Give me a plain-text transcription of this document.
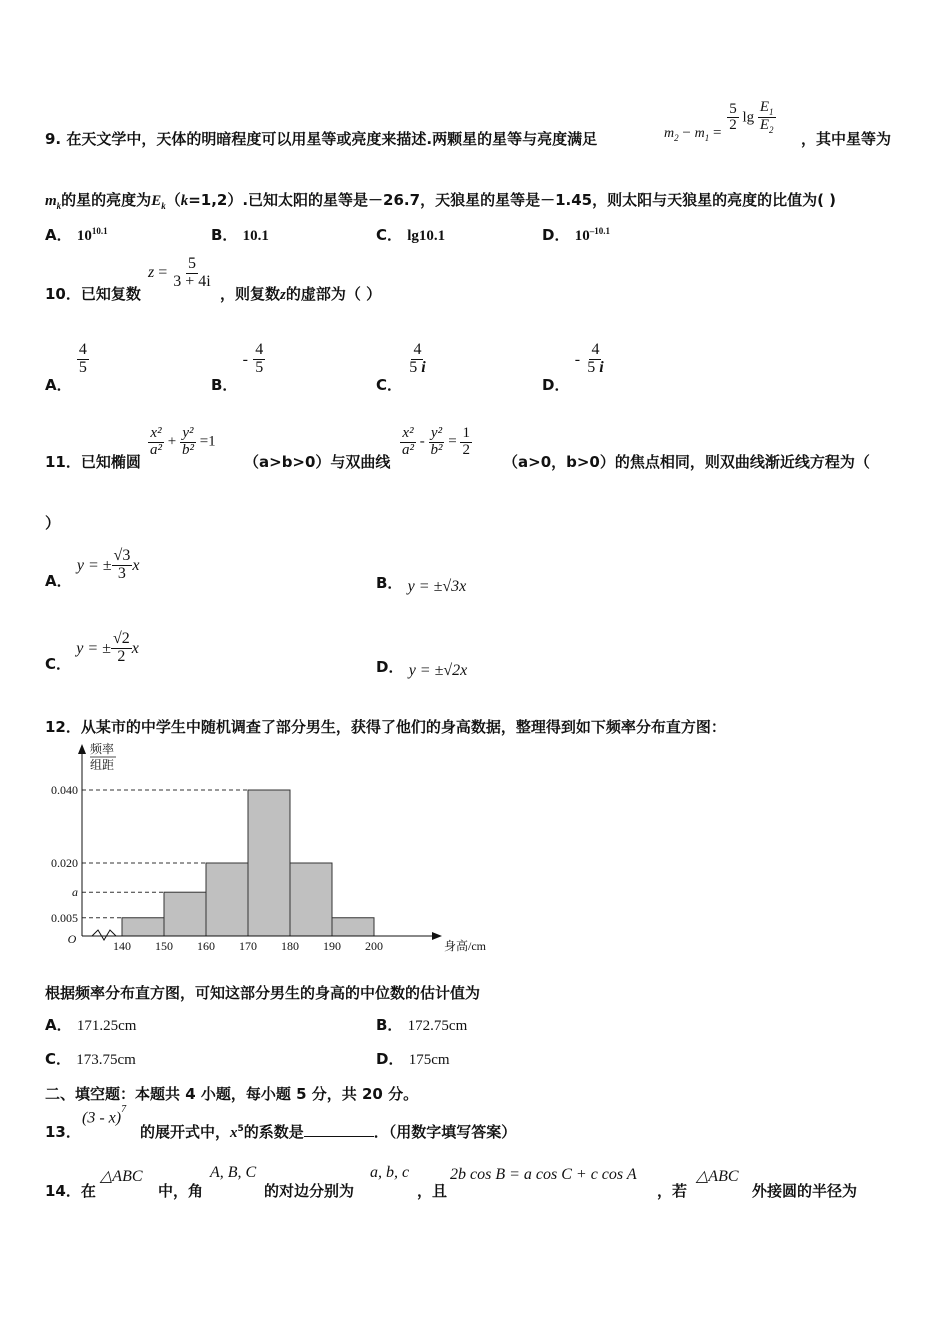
9. 在天文学中，天体的明暗程度可以用星等或亮度来描述.两颗星的星等与亮度满足	$m_2 - m_1 = \frac{5}{2}$ $\lg \frac{E_1}{E_2}$
，其中星等为
$m_k$的星的亮度为$E_k(k=1,2)$.已知太阳的星等是－26.7，天狼星的星等是－1.45，则太阳与天狼星的亮度的比值为( )
A． $10^{10.1}$	B． 10.1	C． lg10.1	D． $10^{-10.1}$
10．已知复数
$z = \frac{5}{3 + 4i}$
，则复数z的虚部为（ ）
A．
$\frac{4}{5}$
B． - $\frac{4}{5}$
C．
$\frac{4}{5 i}$
D． - $\frac{4}{5 i}$
11．已知椭圆
$\frac{\text{x²}}{\text{a²}} + \frac{\text{y²}}{\text{b²}} =1$
（a>b>0）与双曲线
$\frac{\text{x²}}{\text{a²}} - \frac{\text{y²}}{\text{b²}} = \frac{1}{2}$
（a>0，b>0）的焦点相同，则双曲线渐近线方程为（
）
A． y = ± $\frac{√3}{3}$ x
B． y = ±√3x
C． y = ± $\frac{√2}{2}$ x
D． y = ±√2x
12．从某市的中学生中随机调查了部分男生，获得了他们的身高数据，整理得到如下频率分布直方图：
0.005
a
0.020
0.040
140 150 160 170 180 190 200
O	身高/cm
频率
组距
根据频率分布直方图，可知这部分男生的身高的中位数的估计值为
A． 171.25cm	B． 172.75cm
C． 173.75cm	D． 175cm
二、填空题：本题共 4 小题，每小题 5 分，共 20 分。
13．
(3 - x)$^7$
的展开式中，$x^5$的系数是	．（用数字填写答案）
14．在
△ABC
中，角
A, B, C
的对边分别为
a, b, c
，且
2b cos B = a cos C + c cos A
，若
△ABC
外接圆的半径为
